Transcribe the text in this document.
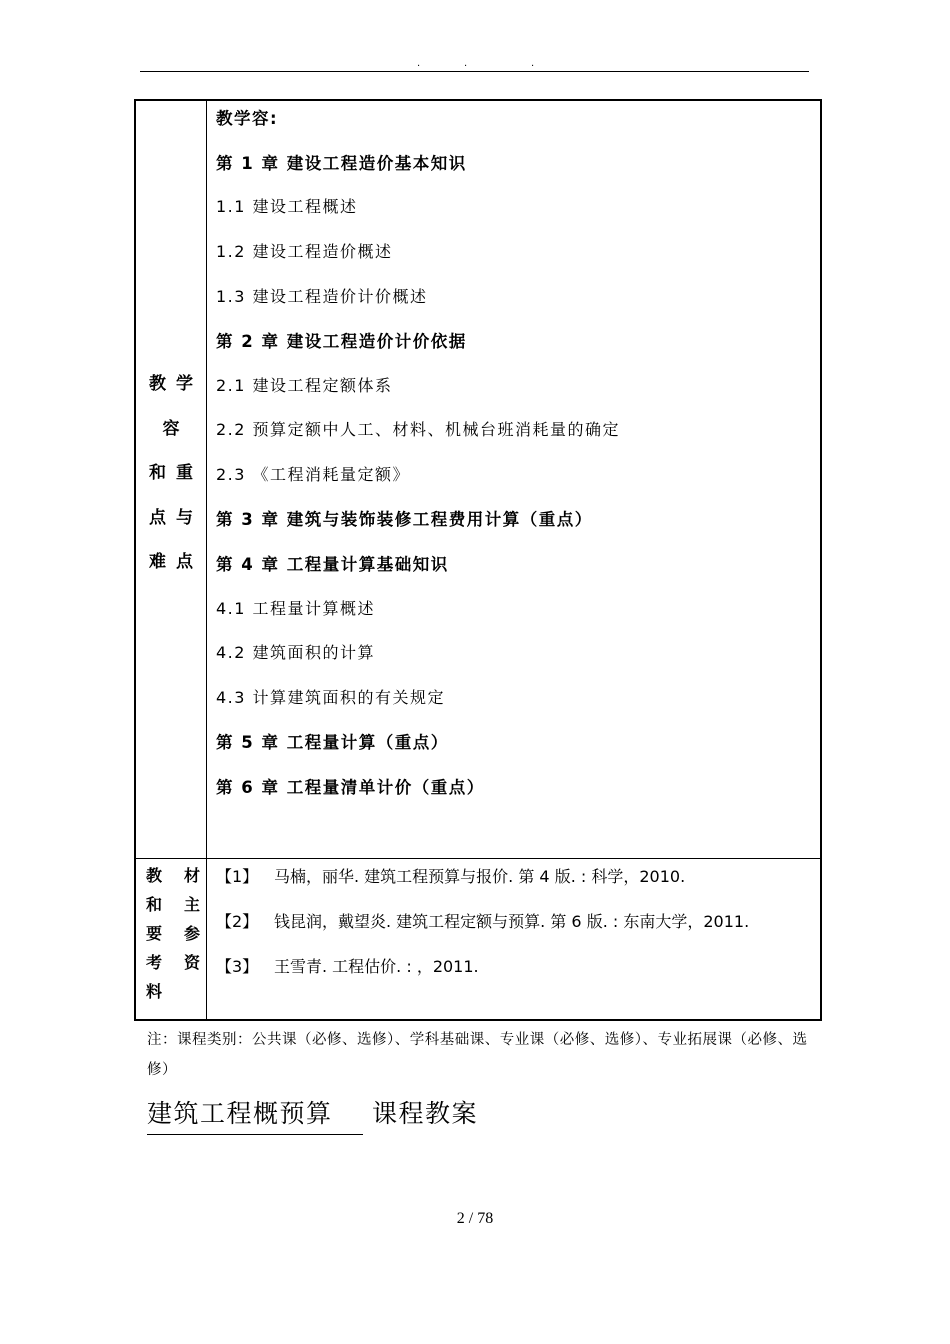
.	.	.
教学
容
和重
点与
难点
教学容:
第 1 章 建设工程造价基本知识
1.1 建设工程概述
1.2 建设工程造价概述
1.3 建设工程造价计价概述
第 2 章 建设工程造价计价依据
2.1 建设工程定额体系
2.2 预算定额中人工、材料、机械台班消耗量的确定
2.3 《工程消耗量定额》
第 3 章 建筑与装饰装修工程费用计算（重点）
第 4 章 工程量计算基础知识
4.1 工程量计算概述
4.2 建筑面积的计算
4.3 计算建筑面积的有关规定
第 5 章 工程量计算（重点）
第 6 章 工程量清单计价（重点）
教 材
和 主
要 参
考 资
料
【1】 马楠，丽华. 建筑工程预算与报价. 第 4 版. : 科学，2010.
【2】 钱昆润，戴望炎. 建筑工程定额与预算. 第 6 版. : 东南大学，2011.
【3】 王雪青. 工程估价. : ，2011.
注：课程类别：公共课（必修、选修）、学科基础课、专业课（必修、选修）、专业拓展课（必修、选修）
建筑工程概预算 课程教案
2 / 78
